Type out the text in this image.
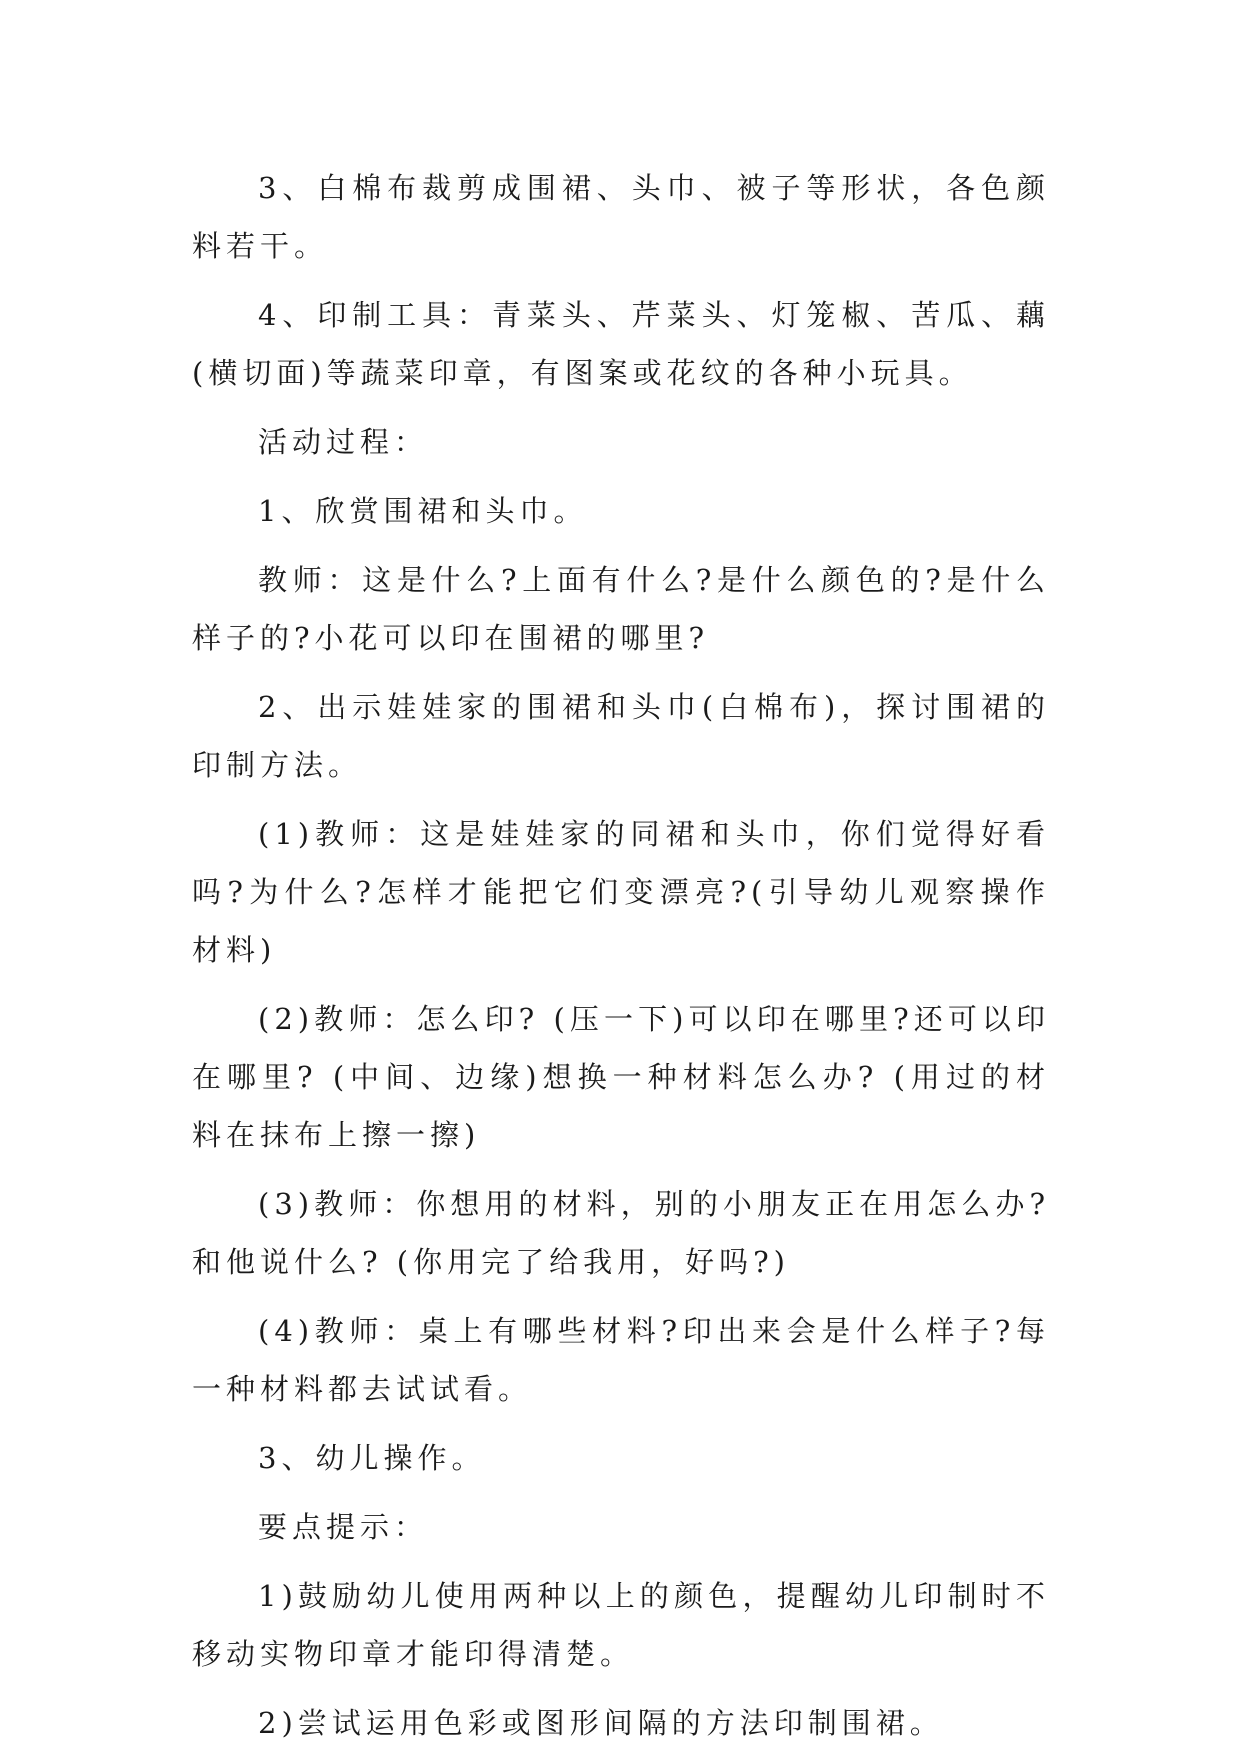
3、白棉布裁剪成围裙、头巾、被子等形状，各色颜料若干。

4、印制工具：青菜头、芹菜头、灯笼椒、苦瓜、藕(横切面)等蔬菜印章，有图案或花纹的各种小玩具。

活动过程：

1、欣赏围裙和头巾。

教师：这是什么?上面有什么?是什么颜色的?是什么样子的?小花可以印在围裙的哪里?

2、出示娃娃家的围裙和头巾(白棉布)，探讨围裙的印制方法。

(1)教师：这是娃娃家的同裙和头巾，你们觉得好看吗?为什么?怎样才能把它们变漂亮?(引导幼儿观察操作材料)

(2)教师：怎么印? (压一下)可以印在哪里?还可以印在哪里? (中间、边缘)想换一种材料怎么办? (用过的材料在抹布上擦一擦)

(3)教师：你想用的材料，别的小朋友正在用怎么办?和他说什么? (你用完了给我用，好吗?)

(4)教师：桌上有哪些材料?印出来会是什么样子?每一种材料都去试试看。

3、幼儿操作。

要点提示：

1)鼓励幼儿使用两种以上的颜色，提醒幼儿印制时不移动实物印章才能印得清楚。

2)尝试运用色彩或图形间隔的方法印制围裙。
